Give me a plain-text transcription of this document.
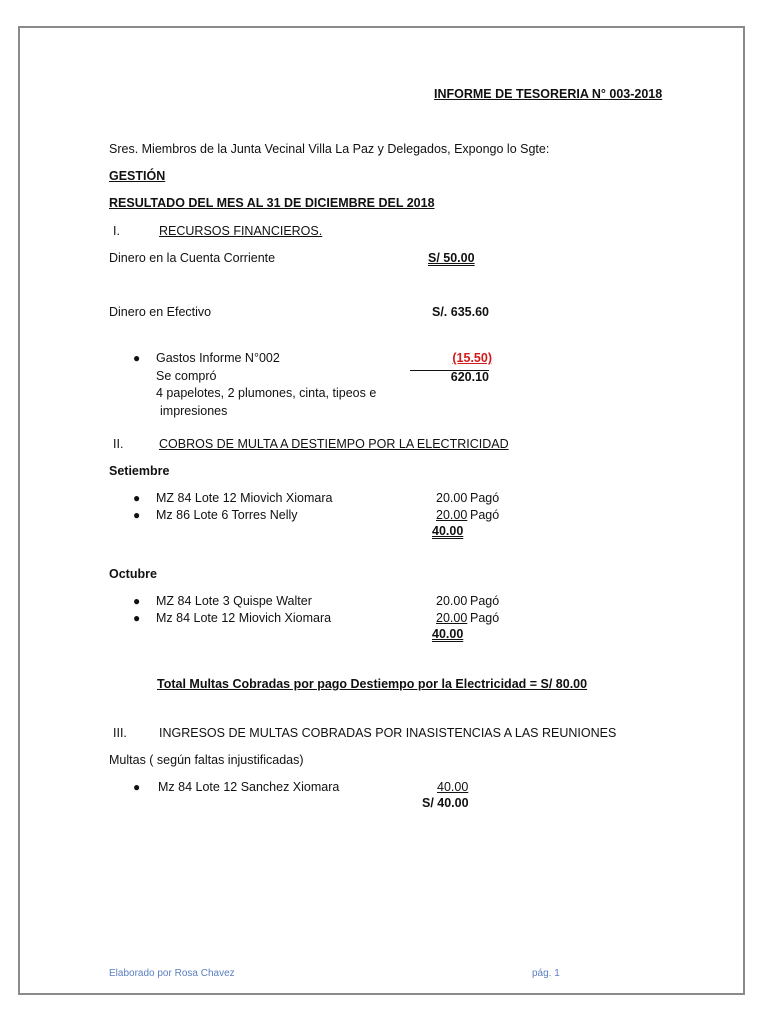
INFORME DE TESORERIA N° 003-2018
Sres. Miembros de la Junta Vecinal Villa La Paz y Delegados, Expongo lo Sgte:
GESTIÓN
RESULTADO DEL MES AL 31 DE DICIEMBRE DEL 2018
I.	RECURSOS FINANCIEROS.
Dinero en la Cuenta Corriente	S/ 50.00
Dinero en Efectivo	S/. 635.60
● Gastos Informe N°002	(15.50)
Se compró	620.10
4 papelotes, 2 plumones, cinta, tipeos e
impresiones
II.	COBROS DE MULTA A DESTIEMPO POR LA ELECTRICIDAD
Setiembre
● MZ 84 Lote 12 Miovich Xiomara	20.00 Pagó
● Mz 86 Lote 6 Torres Nelly	20.00 Pagó
40.00
Octubre
● MZ 84 Lote 3 Quispe Walter	20.00 Pagó
● Mz 84 Lote 12 Miovich Xiomara	20.00 Pagó
40.00
Total Multas Cobradas por pago Destiempo por la Electricidad = S/ 80.00
III.	INGRESOS DE MULTAS COBRADAS POR INASISTENCIAS A LAS REUNIONES
Multas ( según faltas injustificadas)
● Mz 84 Lote 12 Sanchez Xiomara	40.00
S/ 40.00
Elaborado por Rosa Chavez	pág. 1
